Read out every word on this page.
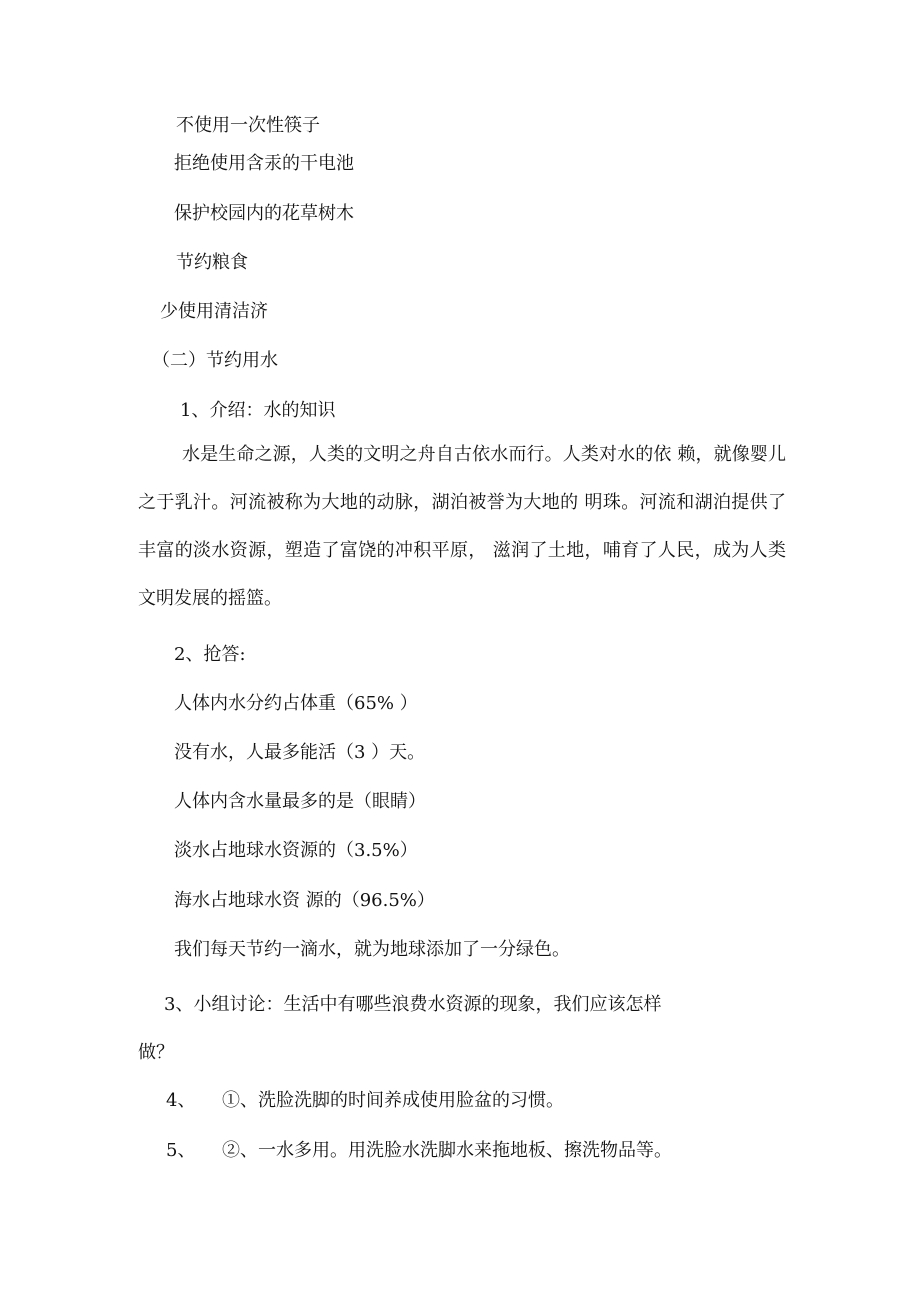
不使用一次性筷子
拒绝使用含汞的干电池
保护校园内的花草树木
节约粮食
少使用清洁济
（二）节约用水
1、介绍：水的知识
水是生命之源，人类的文明之舟自古依水而行。人类对水的依 赖，就像婴儿之于乳汁。河流被称为大地的动脉，湖泊被誉为大地的 明珠。河流和湖泊提供了丰富的淡水资源，塑造了富饶的冲积平原， 滋润了土地，哺育了人民，成为人类文明发展的摇篮。
2、抢答:
人体内水分约占体重（65% ）
没有水，人最多能活（3 ）天。
人体内含水量最多的是（眼睛）
淡水占地球水资源的（3.5%）
海水占地球水资 源的（96.5%）
我们每天节约一滴水，就为地球添加了一分绿色。
3、小组讨论：生活中有哪些浪费水资源的现象，我们应该怎样
做？
4、 ①、洗脸洗脚的时间养成使用脸盆的习惯。
5、 ②、一水多用。用洗脸水洗脚水来拖地板、擦洗物品等。
